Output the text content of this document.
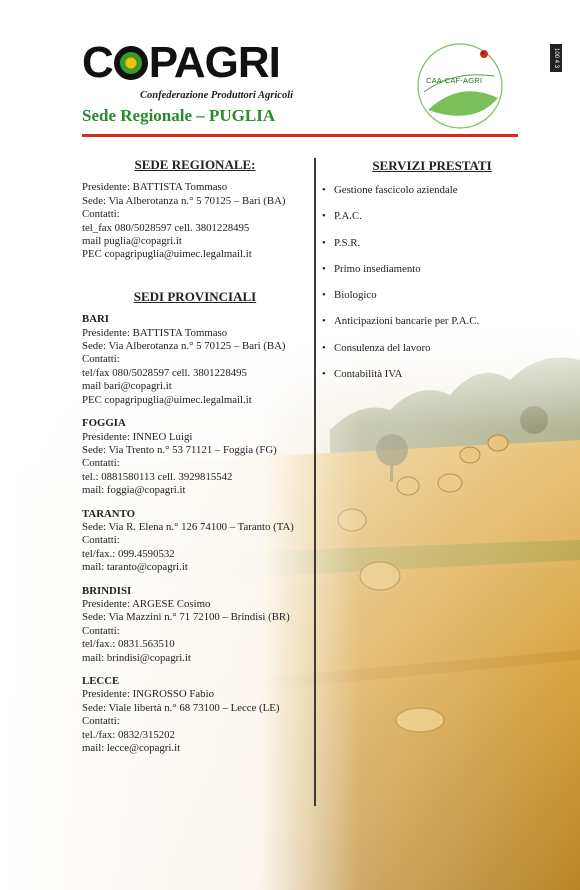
C PAGRI
Confederazione Produttori Agricoli
Sede Regionale – PUGLIA
CAA-CAF-AGRI
100 4 3
SEDE REGIONALE:
Presidente: BATTISTA Tommaso
Sede: Via Alberotanza n.° 5 70125 – Bari (BA)
Contatti:
tel_fax 080/5028597 cell. 3801228495
mail puglia@copagri.it
PEC copagripuglia@uimec.legalmail.it
SEDI PROVINCIALI
BARI
Presidente: BATTISTA Tommaso
Sede: Via Alberotanza n.° 5 70125 – Bari (BA)
Contatti:
tel/fax 080/5028597 cell. 3801228495
mail bari@copagri.it
PEC copagripuglia@uimec.legalmail.it
FOGGIA
Presidente: INNEO Luigi
Sede: Via Trento n.° 53 71121 – Foggia (FG)
Contatti:
tel.: 0881580113 cell. 3929815542
mail: foggia@copagri.it
TARANTO
Sede: Via R. Elena n.° 126 74100 – Taranto (TA)
Contatti:
tel/fax.: 099.4590532
mail: taranto@copagri.it
BRINDISI
Presidente: ARGESE Cosimo
Sede: Via Mazzini n.° 71 72100 – Brindisi (BR)
Contatti:
tel/fax.: 0831.563510
mail: brindisi@copagri.it
LECCE
Presidente: INGROSSO Fabio
Sede: Viale libertà n.° 68 73100 – Lecce (LE)
Contatti:
tel./fax: 0832/315202
mail: lecce@copagri.it
SERVIZI PRESTATI
• Gestione fascicolo aziendale
• P.A.C.
• P.S.R.
• Primo insediamento
• Biologico
• Anticipazioni bancarie per P.A.C.
• Consulenza del lavoro
• Contabilità IVA
